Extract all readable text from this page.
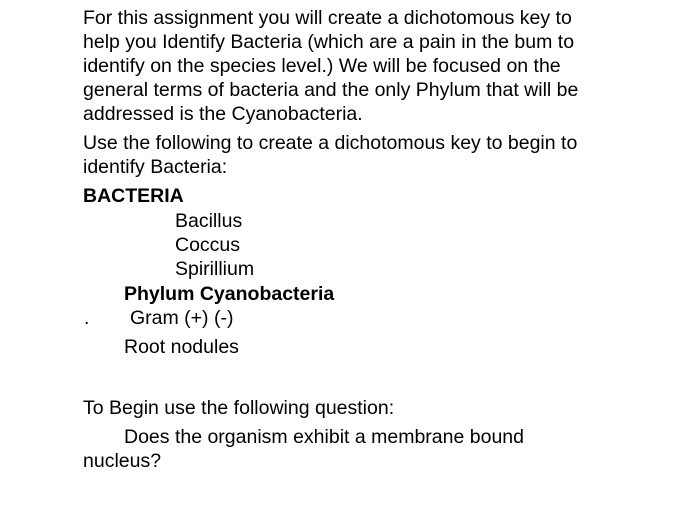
For this assignment you will create a dichotomous key to
help you Identify Bacteria (which are a pain in the bum to
identify on the species level.) We will be focused on the
general terms of bacteria and the only Phylum that will be
addressed is the Cyanobacteria.
Use the following to create a dichotomous key to begin to
identify Bacteria:
BACTERIA
Bacillus
Coccus
Spirillium
Phylum Cyanobacteria
. Gram (+) (-)
Root nodules
To Begin use the following question:
Does the organism exhibit a membrane bound
nucleus?
